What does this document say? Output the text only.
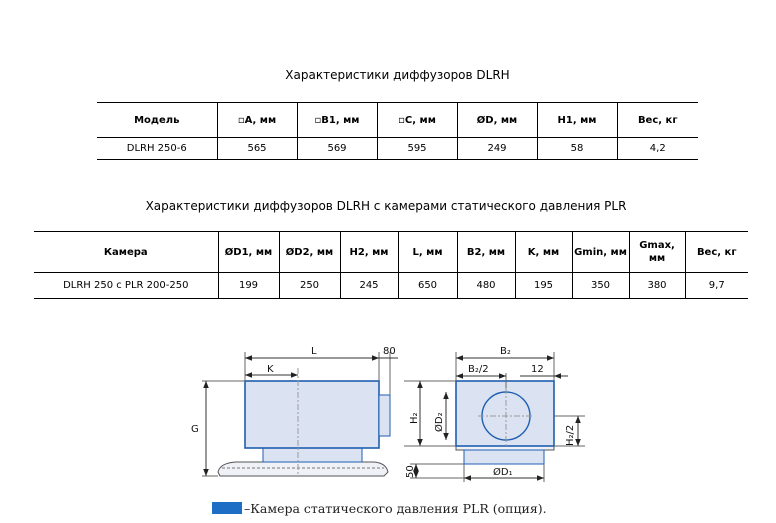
Характеристики диффузоров DLRH
Модель	▫A, мм	▫B1, мм	▫C, мм	ØD, мм	H1, мм	Вес, кг
DLRH 250-6	565	569	595	249	58	4,2
Характеристики диффузоров DLRH с камерами статического давления PLR
Камера	ØD1, мм	ØD2, мм	H2, мм	L, мм	B2, мм	K, мм	Gmin, мм	Gmax, мм	Вес, кг
DLRH 250 с PLR 200-250	199	250	245	650	480	195	350	380	9,7
L	80
K
G
B₂
B₂/2	12
H₂ ØD₂
H₂/2
50	ØD₁
–Камера статического давления PLR (опция).
